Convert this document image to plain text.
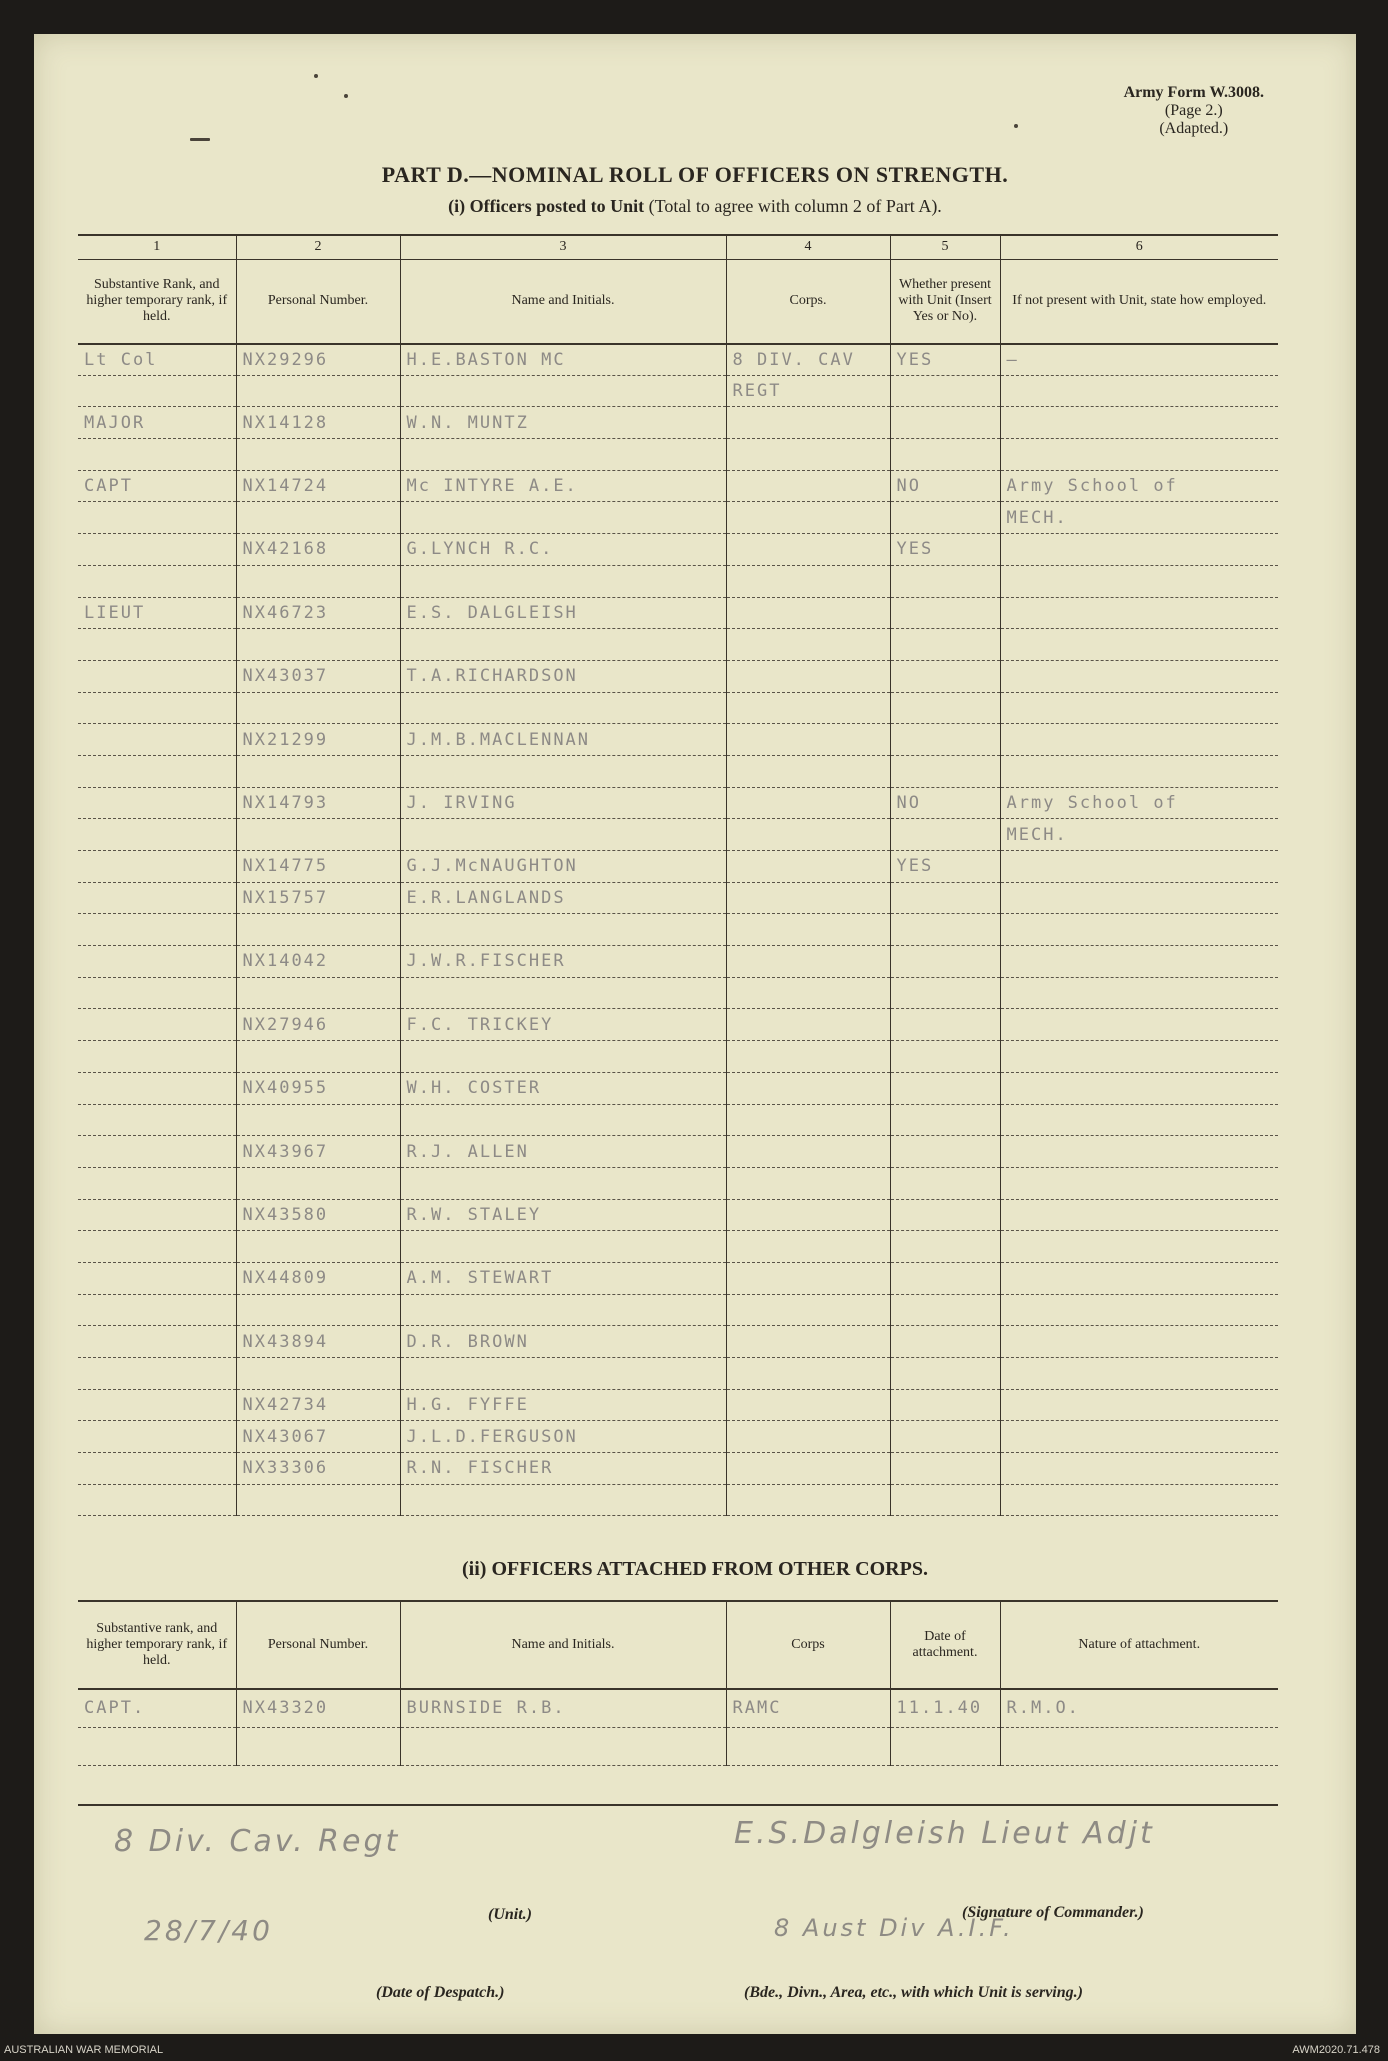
Army Form W.3008.
(Page 2.)
(Adapted.)
PART D.—NOMINAL ROLL OF OFFICERS ON STRENGTH.
(i) Officers posted to Unit (Total to agree with column 2 of Part A).
1	2	3	4	5	6
Substantive Rank, and higher temporary rank, if held.	Personal Number.	Name and Initials.	Corps.	Whether present with Unit (Insert Yes or No).	If not present with Unit, state how employed.
Lt Col	NX29296	H.E.BASTON MC	8 DIV. CAV	YES	—
			REGT		
MAJOR	NX14128	W.N. MUNTZ			

CAPT	NX14724	Mc INTYRE A.E.		NO	Army School of
					MECH.
	NX42168	G.LYNCH R.C.		YES	

LIEUT	NX46723	E.S. DALGLEISH			

	NX43037	T.A.RICHARDSON			

	NX21299	J.M.B.MACLENNAN			

	NX14793	J. IRVING		NO	Army School of
					MECH.
	NX14775	G.J.McNAUGHTON		YES	
	NX15757	E.R.LANGLANDS			

	NX14042	J.W.R.FISCHER			

	NX27946	F.C. TRICKEY			

	NX40955	W.H. COSTER			

	NX43967	R.J. ALLEN			

	NX43580	R.W. STALEY			

	NX44809	A.M. STEWART			

	NX43894	D.R. BROWN			

	NX42734	H.G. FYFFE			
	NX43067	J.L.D.FERGUSON			
	NX33306	R.N. FISCHER			

(ii) OFFICERS ATTACHED FROM OTHER CORPS.
Substantive rank, and higher temporary rank, if held.	Personal Number.	Name and Initials.	Corps	Date of attachment.	Nature of attachment.
CAPT.	NX43320	BURNSIDE R.B.	RAMC	11.1.40	R.M.O.

8 Div. Cav. Regt
(Unit.)
28/7/40
(Date of Despatch.)
E.S.Dalgleish Lieut Adjt
(Signature of Commander.)
8 Aust Div A.I.F.
(Bde., Divn., Area, etc., with which Unit is serving.)
AUSTRALIAN WAR MEMORIAL	AWM2020.71.478
